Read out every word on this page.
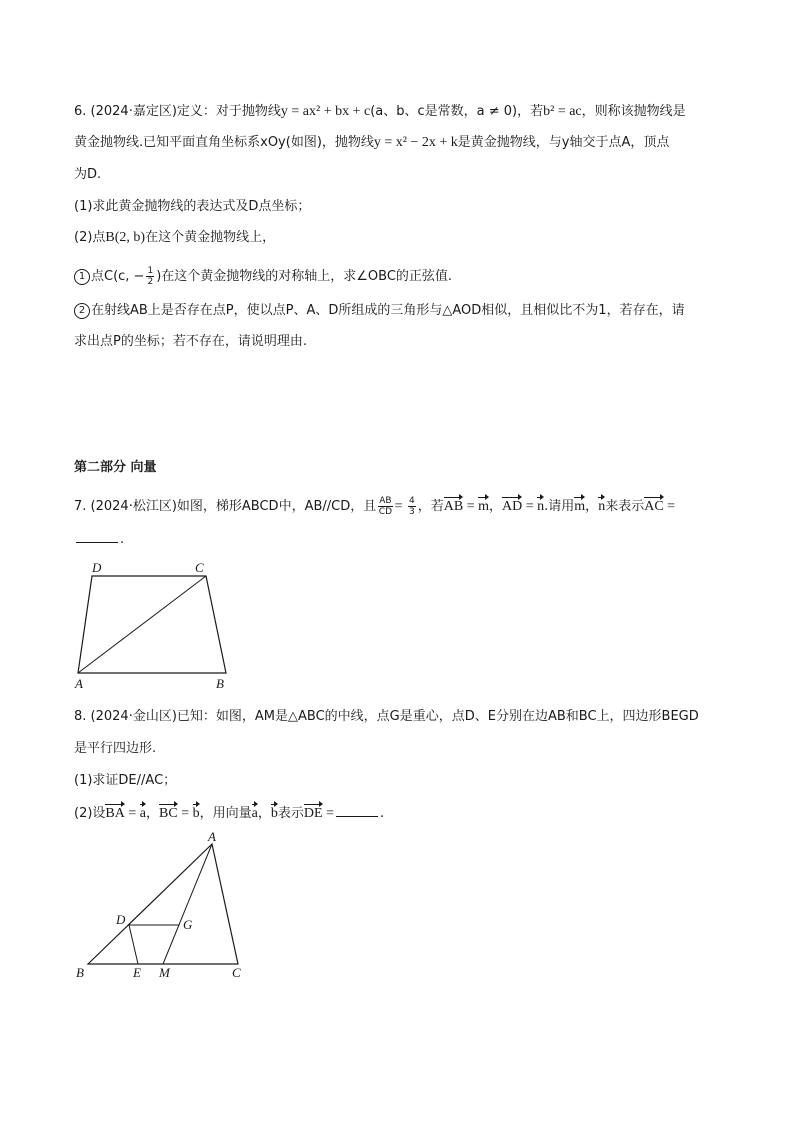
6. (2024·嘉定区)定义：对于抛物线y = ax² + bx + c(a、b、c是常数，a ≠ 0)，若b² = ac，则称该抛物线是
黄金抛物线.已知平面直角坐标系xOy(如图)，抛物线y = x² − 2x + k是黄金抛物线，与y轴交于点A，顶点
为D.
(1)求此黄金抛物线的表达式及D点坐标；
(2)点B(2, b)在这个黄金抛物线上，
1 点C(c, − $\frac{1}{2}$ )在这个黄金抛物线的对称轴上，求∠OBC的正弦值.
2 在射线AB上是否存在点P，使以点P、A、D所组成的三角形与△AOD相似，且相似比不为1，若存在，请
求出点P的坐标；若不存在，请说明理由.
第二部分 向量
7. (2024·松江区)如图，梯形ABCD中，AB//CD，且 $\frac{AB}{CD} = \frac{4}{3}$ ，若AB = m，AD = n.请用m，n来表示AC =
.
D	C
A	B
8. (2024·金山区)已知：如图，AM是△ABC的中线，点G是重心，点D、E分别在边AB和BC上，四边形BEGD
是平行四边形.
(1)求证DE//AC；
(2)设BA = a，BC = b，用向量a，b表示DE =	.
A
D	G
B	E M	C
